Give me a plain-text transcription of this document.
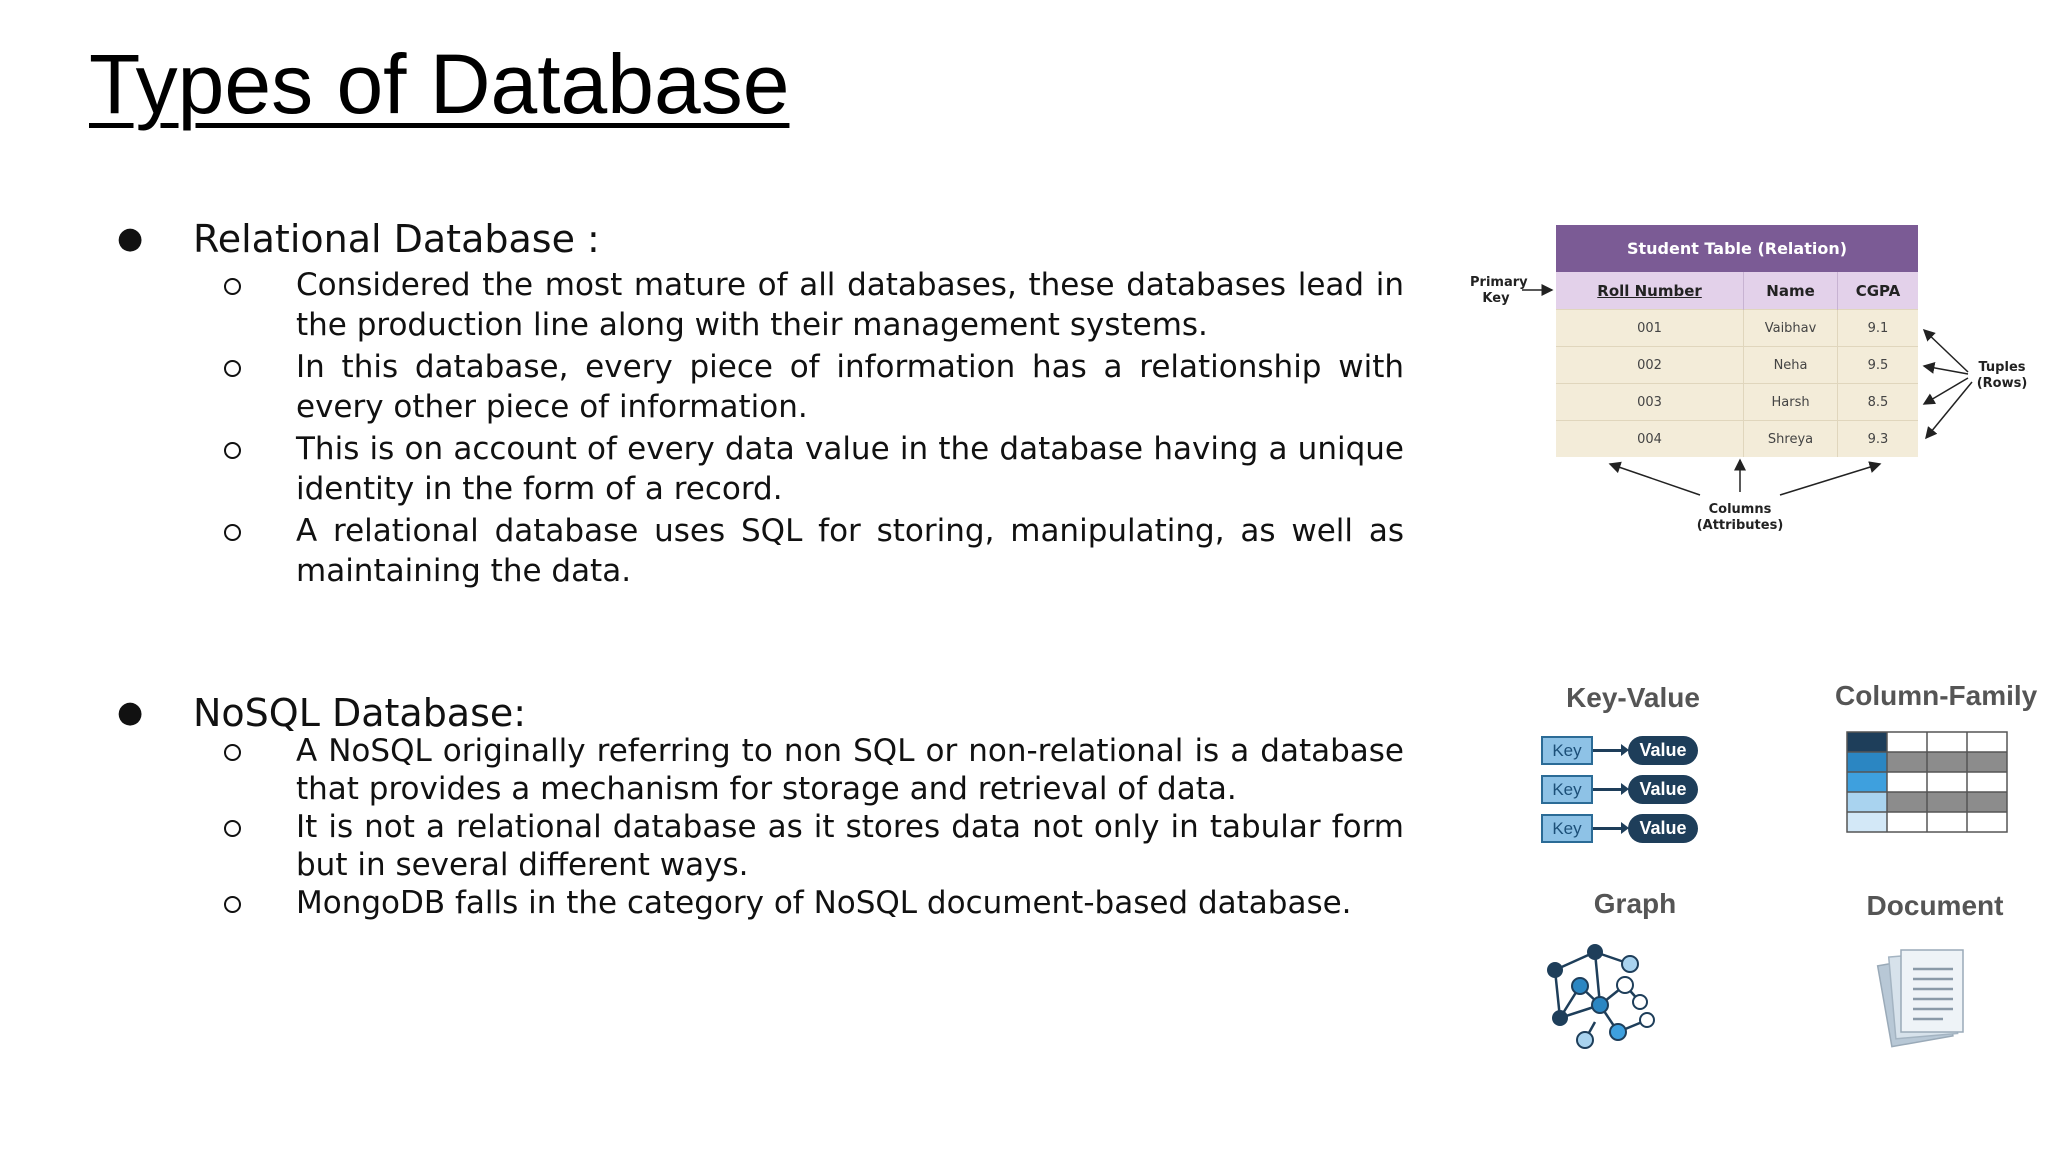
Types of Database
● Relational Database :
Considered the most mature of all databases, these databases lead in the production line along with their management systems.
In this database, every piece of information has a relationship with every other piece of information.
This is on account of every data value in the database having a unique identity in the form of a record.
A relational database uses SQL for storing, manipulating, as well as maintaining the data.
● NoSQL Database:
A NoSQL originally referring to non SQL or non-relational is a database that provides a mechanism for storage and retrieval of data.
It is not a relational database as it stores data not only in tabular form but in several different ways.
MongoDB falls in the category of NoSQL document-based database.
Student Table (Relation)		
Roll Number	Name	CGPA
001	Vaibhav	9.1
002	Neha	9.5
003	Harsh	8.5
004	Shreya	9.3
Primary
Key
Tuples
(Rows)
Columns
(Attributes)
Key-Value	Column-Family
Graph	Document
Key	Value
Key	Value
Key	Value
